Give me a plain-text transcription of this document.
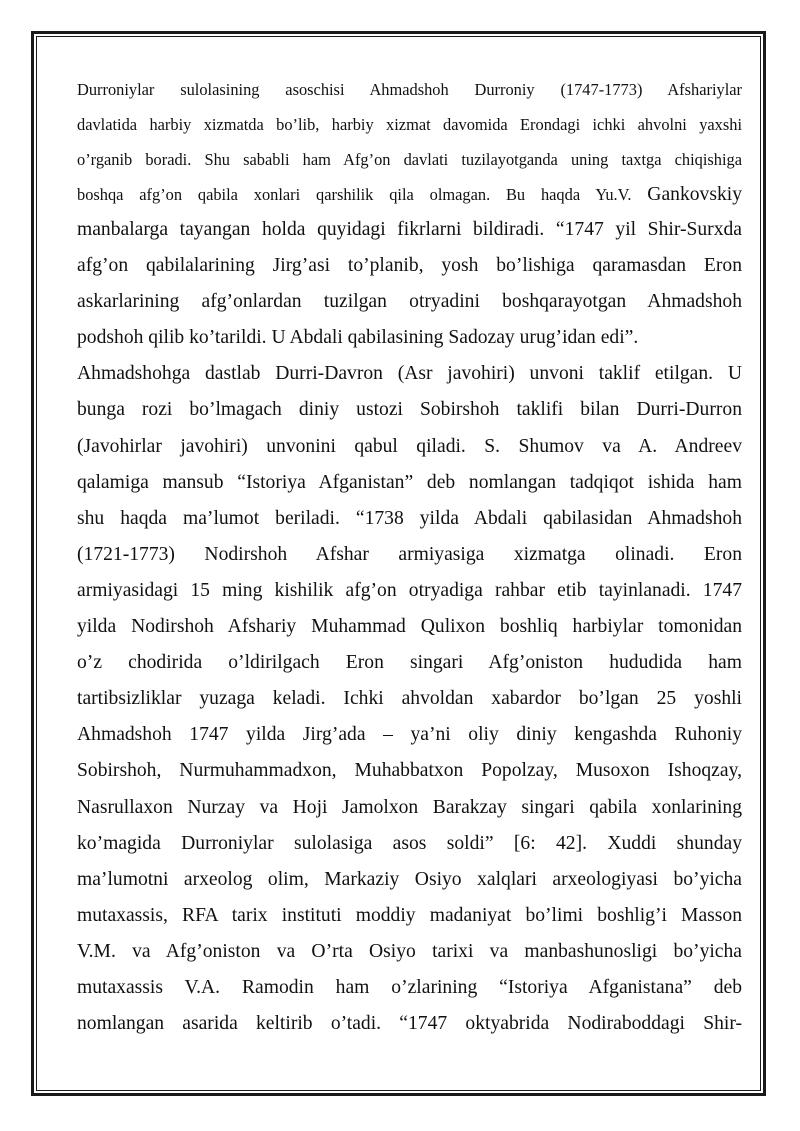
Durroniylar sulolasining asoschisi Ahmadshoh Durroniy (1747-1773) Afshariylar
davlatida harbiy xizmatda bo’lib, harbiy xizmat davomida Erondagi ichki ahvolni yaxshi
o’rganib boradi. Shu sababli ham Afg’on davlati tuzilayotganda uning taxtga chiqishiga
boshqa afg’on qabila xonlari qarshilik qila olmagan. Bu haqda Yu.V. Gankovskiy
manbalarga tayangan holda quyidagi fikrlarni bildiradi. “1747 yil Shir-Surxda
afg’on qabilalarining Jirg’asi to’planib, yosh bo’lishiga qaramasdan Eron
askarlarining afg’onlardan tuzilgan otryadini boshqarayotgan Ahmadshoh
podshoh qilib ko’tarildi. U Abdali qabilasining Sadozay urug’idan edi”.
Ahmadshohga dastlab Durri-Davron (Asr javohiri) unvoni taklif etilgan. U
bunga rozi bo’lmagach diniy ustozi Sobirshoh taklifi bilan Durri-Durron
(Javohirlar javohiri) unvonini qabul qiladi. S. Shumov va A. Andreev
qalamiga mansub “Istoriya Afganistan” deb nomlangan tadqiqot ishida ham
shu haqda ma’lumot beriladi. “1738 yilda Abdali qabilasidan Ahmadshoh
(1721-1773) Nodirshoh Afshar armiyasiga xizmatga olinadi. Eron
armiyasidagi 15 ming kishilik afg’on otryadiga rahbar etib tayinlanadi. 1747
yilda Nodirshoh Afshariy Muhammad Qulixon boshliq harbiylar tomonidan
o’z chodirida o’ldirilgach Eron singari Afg’oniston hududida ham
tartibsizliklar yuzaga keladi. Ichki ahvoldan xabardor bo’lgan 25 yoshli
Ahmadshoh 1747 yilda Jirg’ada – ya’ni oliy diniy kengashda Ruhoniy
Sobirshoh, Nurmuhammadxon, Muhabbatxon Popolzay, Musoxon Ishoqzay,
Nasrullaxon Nurzay va Hoji Jamolxon Barakzay singari qabila xonlarining
ko’magida Durroniylar sulolasiga asos soldi” [6: 42]. Xuddi shunday
ma’lumotni arxeolog olim, Markaziy Osiyo xalqlari arxeologiyasi bo’yicha
mutaxassis, RFA tarix instituti moddiy madaniyat bo’limi boshlig’i Masson
V.M. va Afg’oniston va O’rta Osiyo tarixi va manbashunosligi bo’yicha
mutaxassis V.A. Ramodin ham o’zlarining “Istoriya Afganistana” deb
nomlangan asarida keltirib o’tadi. “1747 oktyabrida Nodiraboddagi Shir-
